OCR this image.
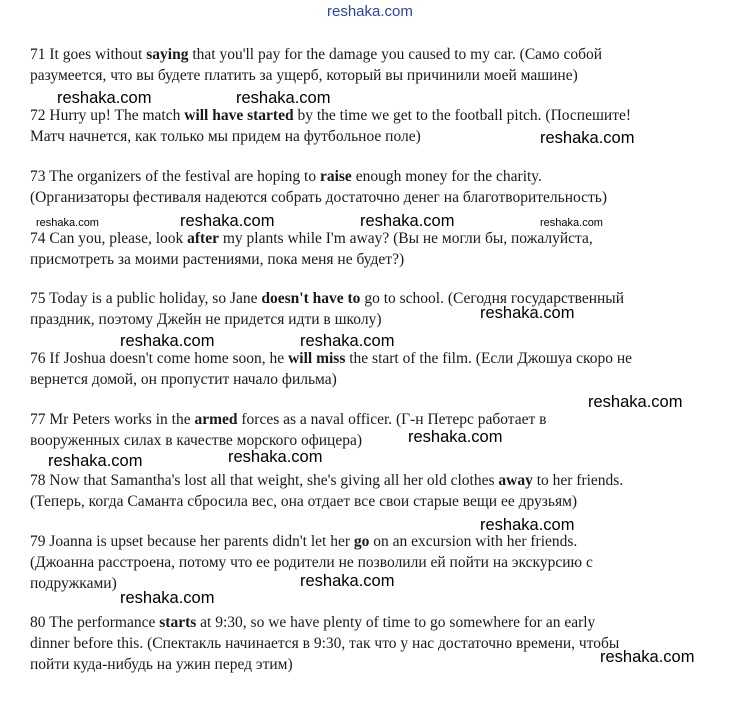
71 It goes without saying that you'll pay for the damage you caused to my car. (Само собой
разумеется, что вы будете платить за ущерб, который вы причинили моей машине)
72 Hurry up! The match will have started by the time we get to the football pitch. (Поспешите!
Матч начнется, как только мы придем на футбольное поле)
73 The organizers of the festival are hoping to raise enough money for the charity.
(Организаторы фестиваля надеются собрать достаточно денег на благотворительность)
74 Can you, please, look after my plants while I'm away? (Вы не могли бы, пожалуйста,
присмотреть за моими растениями, пока меня не будет?)
75 Today is a public holiday, so Jane doesn't have to go to school. (Сегодня государственный
праздник, поэтому Джейн не придется идти в школу)
76 If Joshua doesn't come home soon, he will miss the start of the film. (Если Джошуа скоро не
вернется домой, он пропустит начало фильма)
77 Mr Peters works in the armed forces as a naval officer. (Г-н Петерс работает в
вооруженных силах в качестве морского офицера)
78 Now that Samantha's lost all that weight, she's giving all her old clothes away to her friends.
(Теперь, когда Саманта сбросила вес, она отдает все свои старые вещи ее друзьям)
79 Joanna is upset because her parents didn't let her go on an excursion with her friends.
(Джоанна расстроена, потому что ее родители не позволили ей пойти на экскурсию с
подружками)
80 The performance starts at 9:30, so we have plenty of time to go somewhere for an early
dinner before this. (Спектакль начинается в 9:30, так что у нас достаточно времени, чтобы
пойти куда-нибудь на ужин перед этим)
reshaka.com
reshaka.com	reshaka.com
reshaka.com
reshaka.com	reshaka.com	reshaka.com	reshaka.com
reshaka.com
reshaka.com	reshaka.com
reshaka.com
reshaka.com
reshaka.com	reshaka.com
reshaka.com
reshaka.com
reshaka.com
reshaka.com
